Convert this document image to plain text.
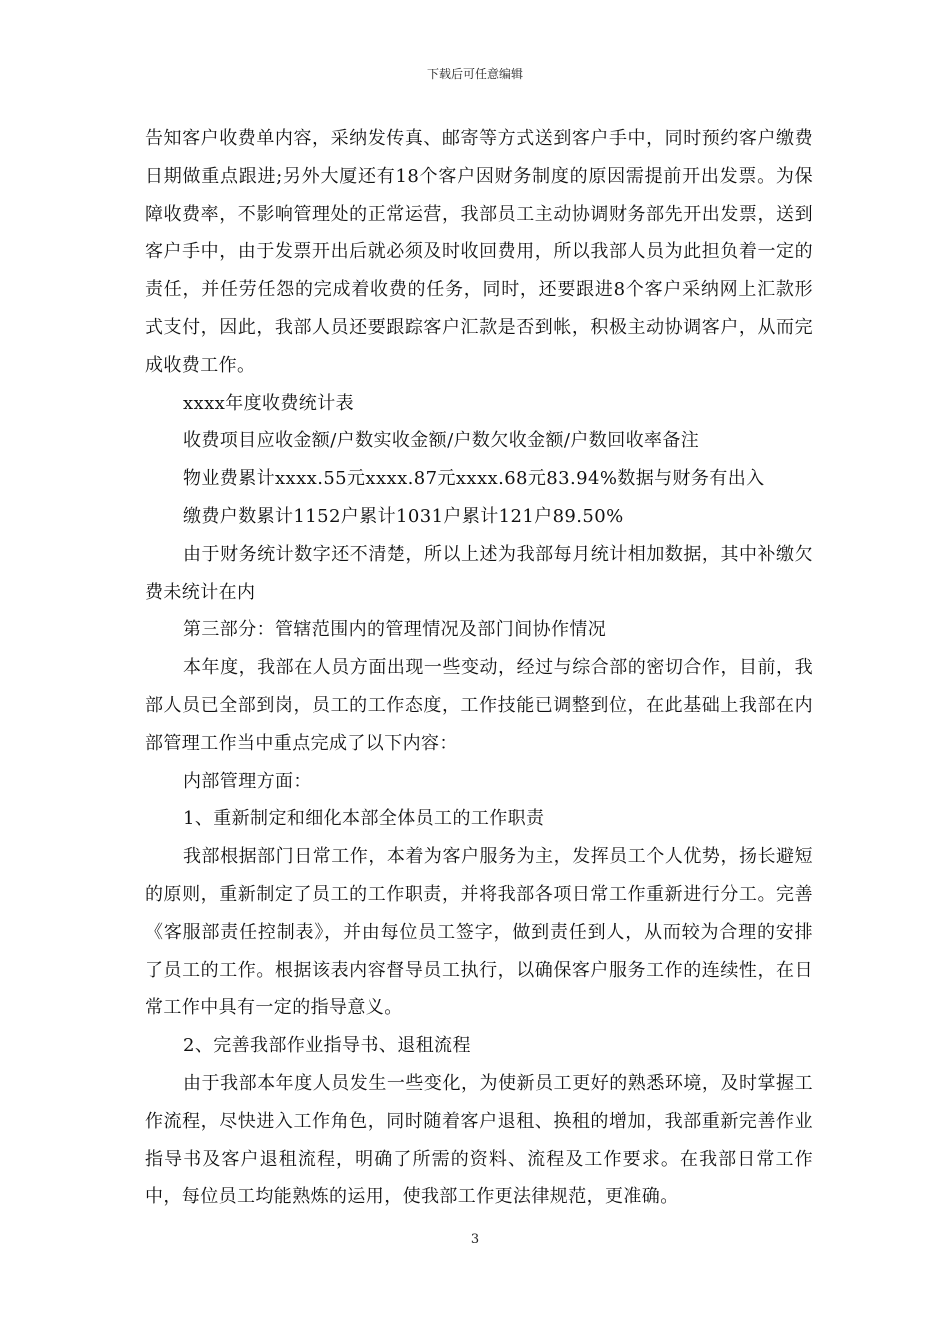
下载后可任意编辑

告知客户收费单内容，采纳发传真、邮寄等方式送到客户手中，同时预约客户缴费日期做重点跟进;另外大厦还有18个客户因财务制度的原因需提前开出发票。为保障收费率，不影响管理处的正常运营，我部员工主动协调财务部先开出发票，送到客户手中，由于发票开出后就必须及时收回费用，所以我部人员为此担负着一定的责任，并任劳任怨的完成着收费的任务，同时，还要跟进8个客户采纳网上汇款形式支付，因此，我部人员还要跟踪客户汇款是否到帐，积极主动协调客户，从而完成收费工作。

xxxx年度收费统计表

收费项目应收金额/户数实收金额/户数欠收金额/户数回收率备注

物业费累计xxxx.55元xxxx.87元xxxx.68元83.94%数据与财务有出入

缴费户数累计1152户累计1031户累计121户89.50%

由于财务统计数字还不清楚，所以上述为我部每月统计相加数据，其中补缴欠费未统计在内

第三部分：管辖范围内的管理情况及部门间协作情况

本年度，我部在人员方面出现一些变动，经过与综合部的密切合作，目前，我部人员已全部到岗，员工的工作态度，工作技能已调整到位，在此基础上我部在内部管理工作当中重点完成了以下内容：

内部管理方面：

1、重新制定和细化本部全体员工的工作职责

我部根据部门日常工作，本着为客户服务为主，发挥员工个人优势，扬长避短的原则，重新制定了员工的工作职责，并将我部各项日常工作重新进行分工。完善《客服部责任控制表》，并由每位员工签字，做到责任到人，从而较为合理的安排了员工的工作。根据该表内容督导员工执行，以确保客户服务工作的连续性，在日常工作中具有一定的指导意义。

2、完善我部作业指导书、退租流程

由于我部本年度人员发生一些变化，为使新员工更好的熟悉环境，及时掌握工作流程，尽快进入工作角色，同时随着客户退租、换租的增加，我部重新完善作业指导书及客户退租流程，明确了所需的资料、流程及工作要求。在我部日常工作中，每位员工均能熟炼的运用，使我部工作更法律规范，更准确。

3
